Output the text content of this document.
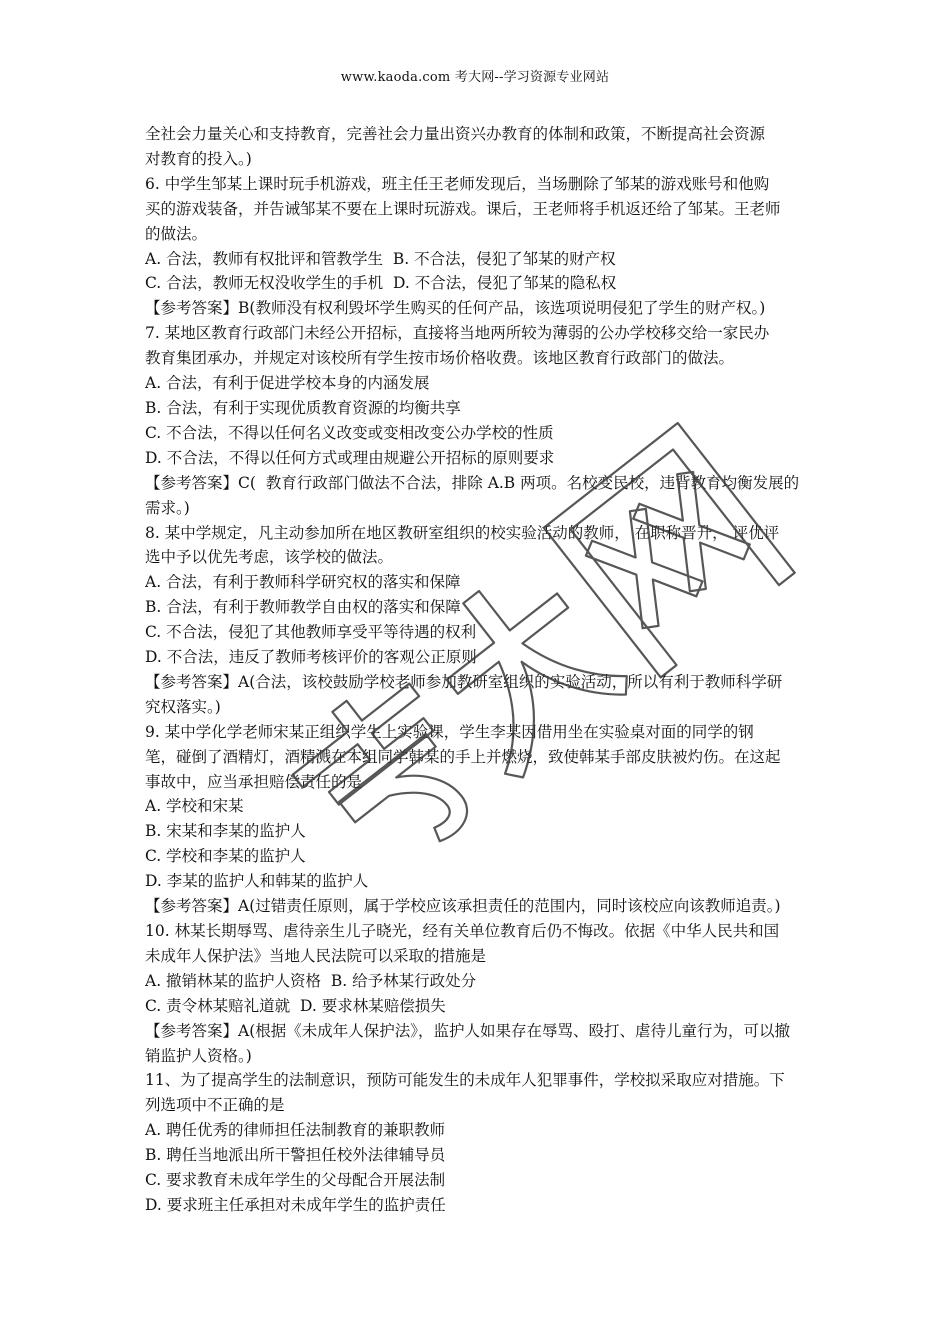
www.kaoda.com 考大网--学习资源专业网站
全社会力量关心和支持教育，完善社会力量出资兴办教育的体制和政策，不断提高社会资源
对教育的投入。)
6. 中学生邹某上课时玩手机游戏，班主任王老师发现后，当场删除了邹某的游戏账号和他购
买的游戏装备，并告诫邹某不要在上课时玩游戏。课后，王老师将手机返还给了邹某。王老师
的做法。
A. 合法，教师有权批评和管教学生  B. 不合法，侵犯了邹某的财产权
C. 合法，教师无权没收学生的手机  D. 不合法，侵犯了邹某的隐私权
【参考答案】B(教师没有权利毁坏学生购买的任何产品，该选项说明侵犯了学生的财产权。)
7. 某地区教育行政部门未经公开招标，直接将当地两所较为薄弱的公办学校移交给一家民办
教育集团承办，并规定对该校所有学生按市场价格收费。该地区教育行政部门的做法。
A. 合法，有利于促进学校本身的内涵发展
B. 合法，有利于实现优质教育资源的均衡共享
C. 不合法，不得以任何名义改变或变相改变公办学校的性质
D. 不合法，不得以任何方式或理由规避公开招标的原则要求
【参考答案】C(  教育行政部门做法不合法，排除 A.B 两项。名校变民校，违背教育均衡发展的
需求。)
8. 某中学规定，凡主动参加所在地区教研室组织的校实验活动的教师， 在职称晋升， 评优评
选中予以优先考虑，该学校的做法。
A. 合法，有利于教师科学研究权的落实和保障
B. 合法，有利于教师教学自由权的落实和保障
C. 不合法，侵犯了其他教师享受平等待遇的权利
D. 不合法，违反了教师考核评价的客观公正原则
【参考答案】A(合法，该校鼓励学校老师参加教研室组织的实验活动，所以有利于教师科学研
究权落实。)
9. 某中学化学老师宋某正组织学生上实验课，学生李某因借用坐在实验桌对面的同学的钢
笔，碰倒了酒精灯，酒精溅在本组同学韩某的手上并燃烧，致使韩某手部皮肤被灼伤。在这起
事故中，应当承担赔偿责任的是
A. 学校和宋某
B. 宋某和李某的监护人
C. 学校和李某的监护人
D. 李某的监护人和韩某的监护人
【参考答案】A(过错责任原则，属于学校应该承担责任的范围内，同时该校应向该教师追责。)
10. 林某长期辱骂、虐待亲生儿子晓光，经有关单位教育后仍不悔改。依据《中华人民共和国
未成年人保护法》当地人民法院可以采取的措施是
A. 撤销林某的监护人资格  B. 给予林某行政处分
C. 责令林某赔礼道就  D. 要求林某赔偿损失
【参考答案】A(根据《未成年人保护法》，监护人如果存在辱骂、殴打、虐待儿童行为，可以撤
销监护人资格。)
11、为了提高学生的法制意识，预防可能发生的未成年人犯罪事件，学校拟采取应对措施。下
列选项中不正确的是
A. 聘任优秀的律师担任法制教育的兼职教师
B. 聘任当地派出所干警担任校外法律辅导员
C. 要求教育未成年学生的父母配合开展法制
D. 要求班主任承担对未成年学生的监护责任
